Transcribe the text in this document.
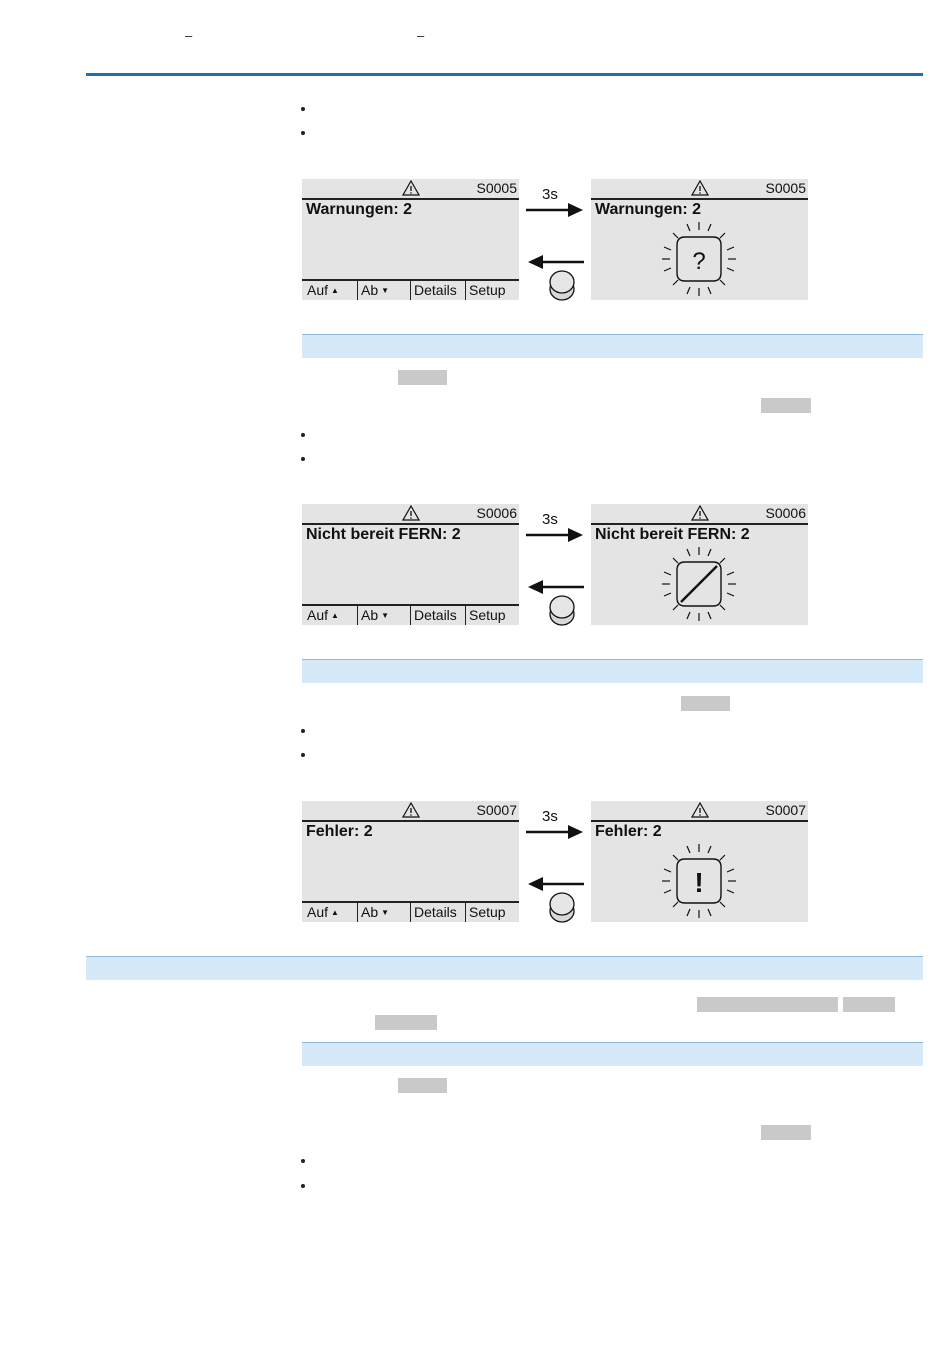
–	–
S0005
Warnungen: 2
Auf ▲ Ab ▼ Details Setup
3s	S0005
Warnungen: 2
?
S0006
Nicht bereit FERN: 2
Auf ▲ Ab ▼ Details Setup
3s	S0006
Nicht bereit FERN: 2
S0007
Fehler: 2
Auf ▲ Ab ▼ Details Setup
3s	S0007
Fehler: 2
!
